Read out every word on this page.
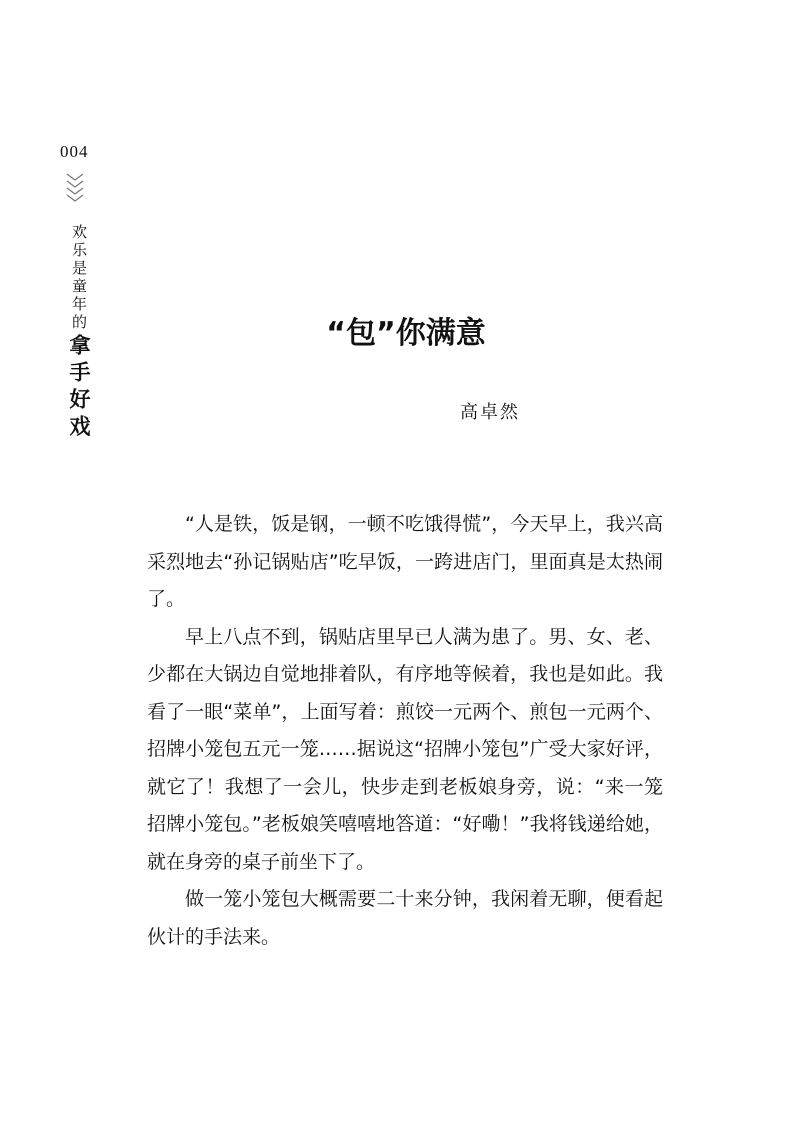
004
欢乐是童年的
拿手好戏
“包”你满意
高卓然

“人是铁，饭是钢，一顿不吃饿得慌”，今天早上，我兴高采烈地去“孙记锅贴店”吃早饭，一跨进店门，里面真是太热闹了。

早上八点不到，锅贴店里早已人满为患了。男、女、老、少都在大锅边自觉地排着队，有序地等候着，我也是如此。我看了一眼“菜单”，上面写着：煎饺一元两个、煎包一元两个、招牌小笼包五元一笼……据说这“招牌小笼包”广受大家好评，就它了！我想了一会儿，快步走到老板娘身旁，说：“来一笼招牌小笼包。”老板娘笑嘻嘻地答道：“好嘞！”我将钱递给她，就在身旁的桌子前坐下了。

做一笼小笼包大概需要二十来分钟，我闲着无聊，便看起伙计的手法来。
